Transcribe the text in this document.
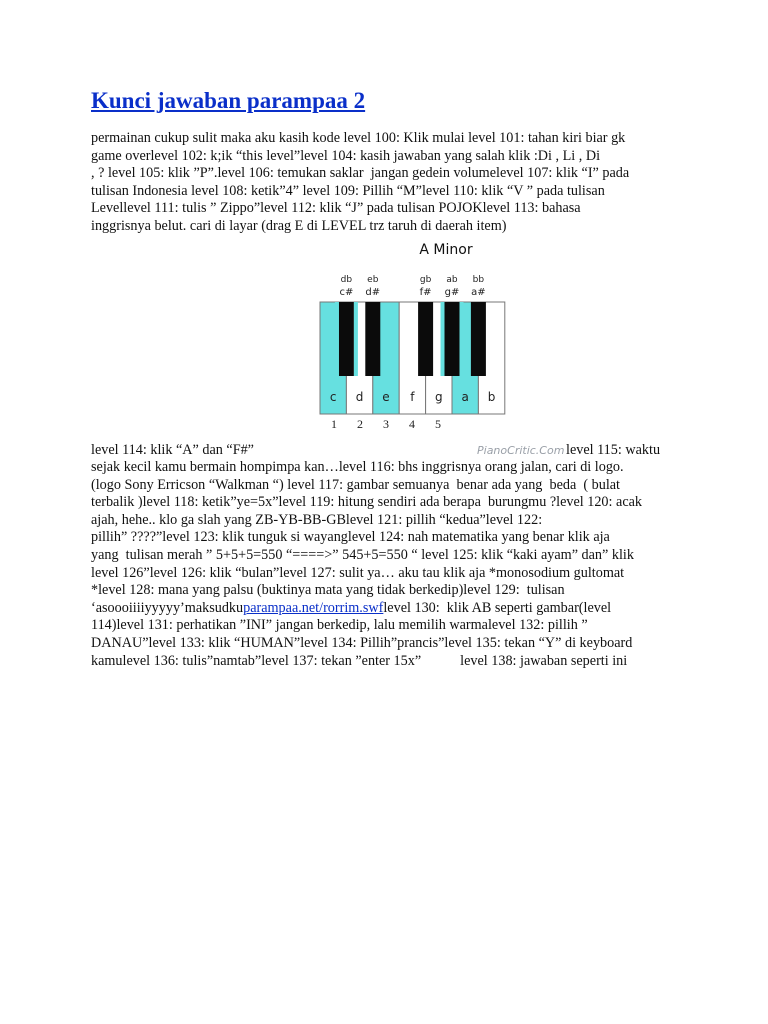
Kunci jawaban parampaa 2

permainan cukup sulit maka aku kasih kode level 100: Klik mulai level 101: tahan kiri biar gk
game overlevel 102: k;ik “this level”level 104: kasih jawaban yang salah klik :Di , Li , Di
, ? level 105: klik ”P”.level 106: temukan saklar  jangan gedein volumelevel 107: klik “I” pada
tulisan Indonesia level 108: ketik”4” level 109: Pillih “M”level 110: klik “V ” pada tulisan
Levellevel 111: tulis ” Zippo”level 112: klik “J” pada tulisan POJOKlevel 113: bahasa
inggrisnya belut. cari di layar (drag E di LEVEL trz taruh di daerah item)

A Minor
c d e f g a b
db
c#
eb
d#
gb
f#
ab
g#
bb
a#
1 2 3 4 5
PianoCritic.Com
level 114: klik “A” dan “F#”	level 115: waktu

sejak kecil kamu bermain hompimpa kan…level 116: bhs inggrisnya orang jalan, cari di logo.
(logo Sony Erricson “Walkman “) level 117: gambar semuanya  benar ada yang  beda  ( bulat
terbalik )level 118: ketik”ye=5x”level 119: hitung sendiri ada berapa  burungmu ?level 120: acak
ajah, hehe.. klo ga slah yang ZB-YB-BB-GBlevel 121: pillih “kedua”level 122:
pillih” ????”level 123: klik tunguk si wayanglevel 124: nah matematika yang benar klik aja
yang  tulisan merah ” 5+5+5=550 “====>” 545+5=550 “ level 125: klik “kaki ayam” dan” klik
level 126”level 126: klik “bulan”level 127: sulit ya… aku tau klik aja *monosodium gultomat
*level 128: mana yang palsu (buktinya mata yang tidak berkedip)level 129:  tulisan
‘asoooiiiiyyyyy’maksudkuparampaa.net/rorrim.swflevel 130:  klik AB seperti gambar(level
114)level 131: perhatikan ”INI” jangan berkedip, lalu memilih warmalevel 132: pillih ”
DANAU”level 133: klik “HUMAN”level 134: Pillih”prancis”level 135: tekan “Y” di keyboard
kamulevel 136: tulis”namtab”level 137: tekan ”enter 15x”           level 138: jawaban seperti ini
